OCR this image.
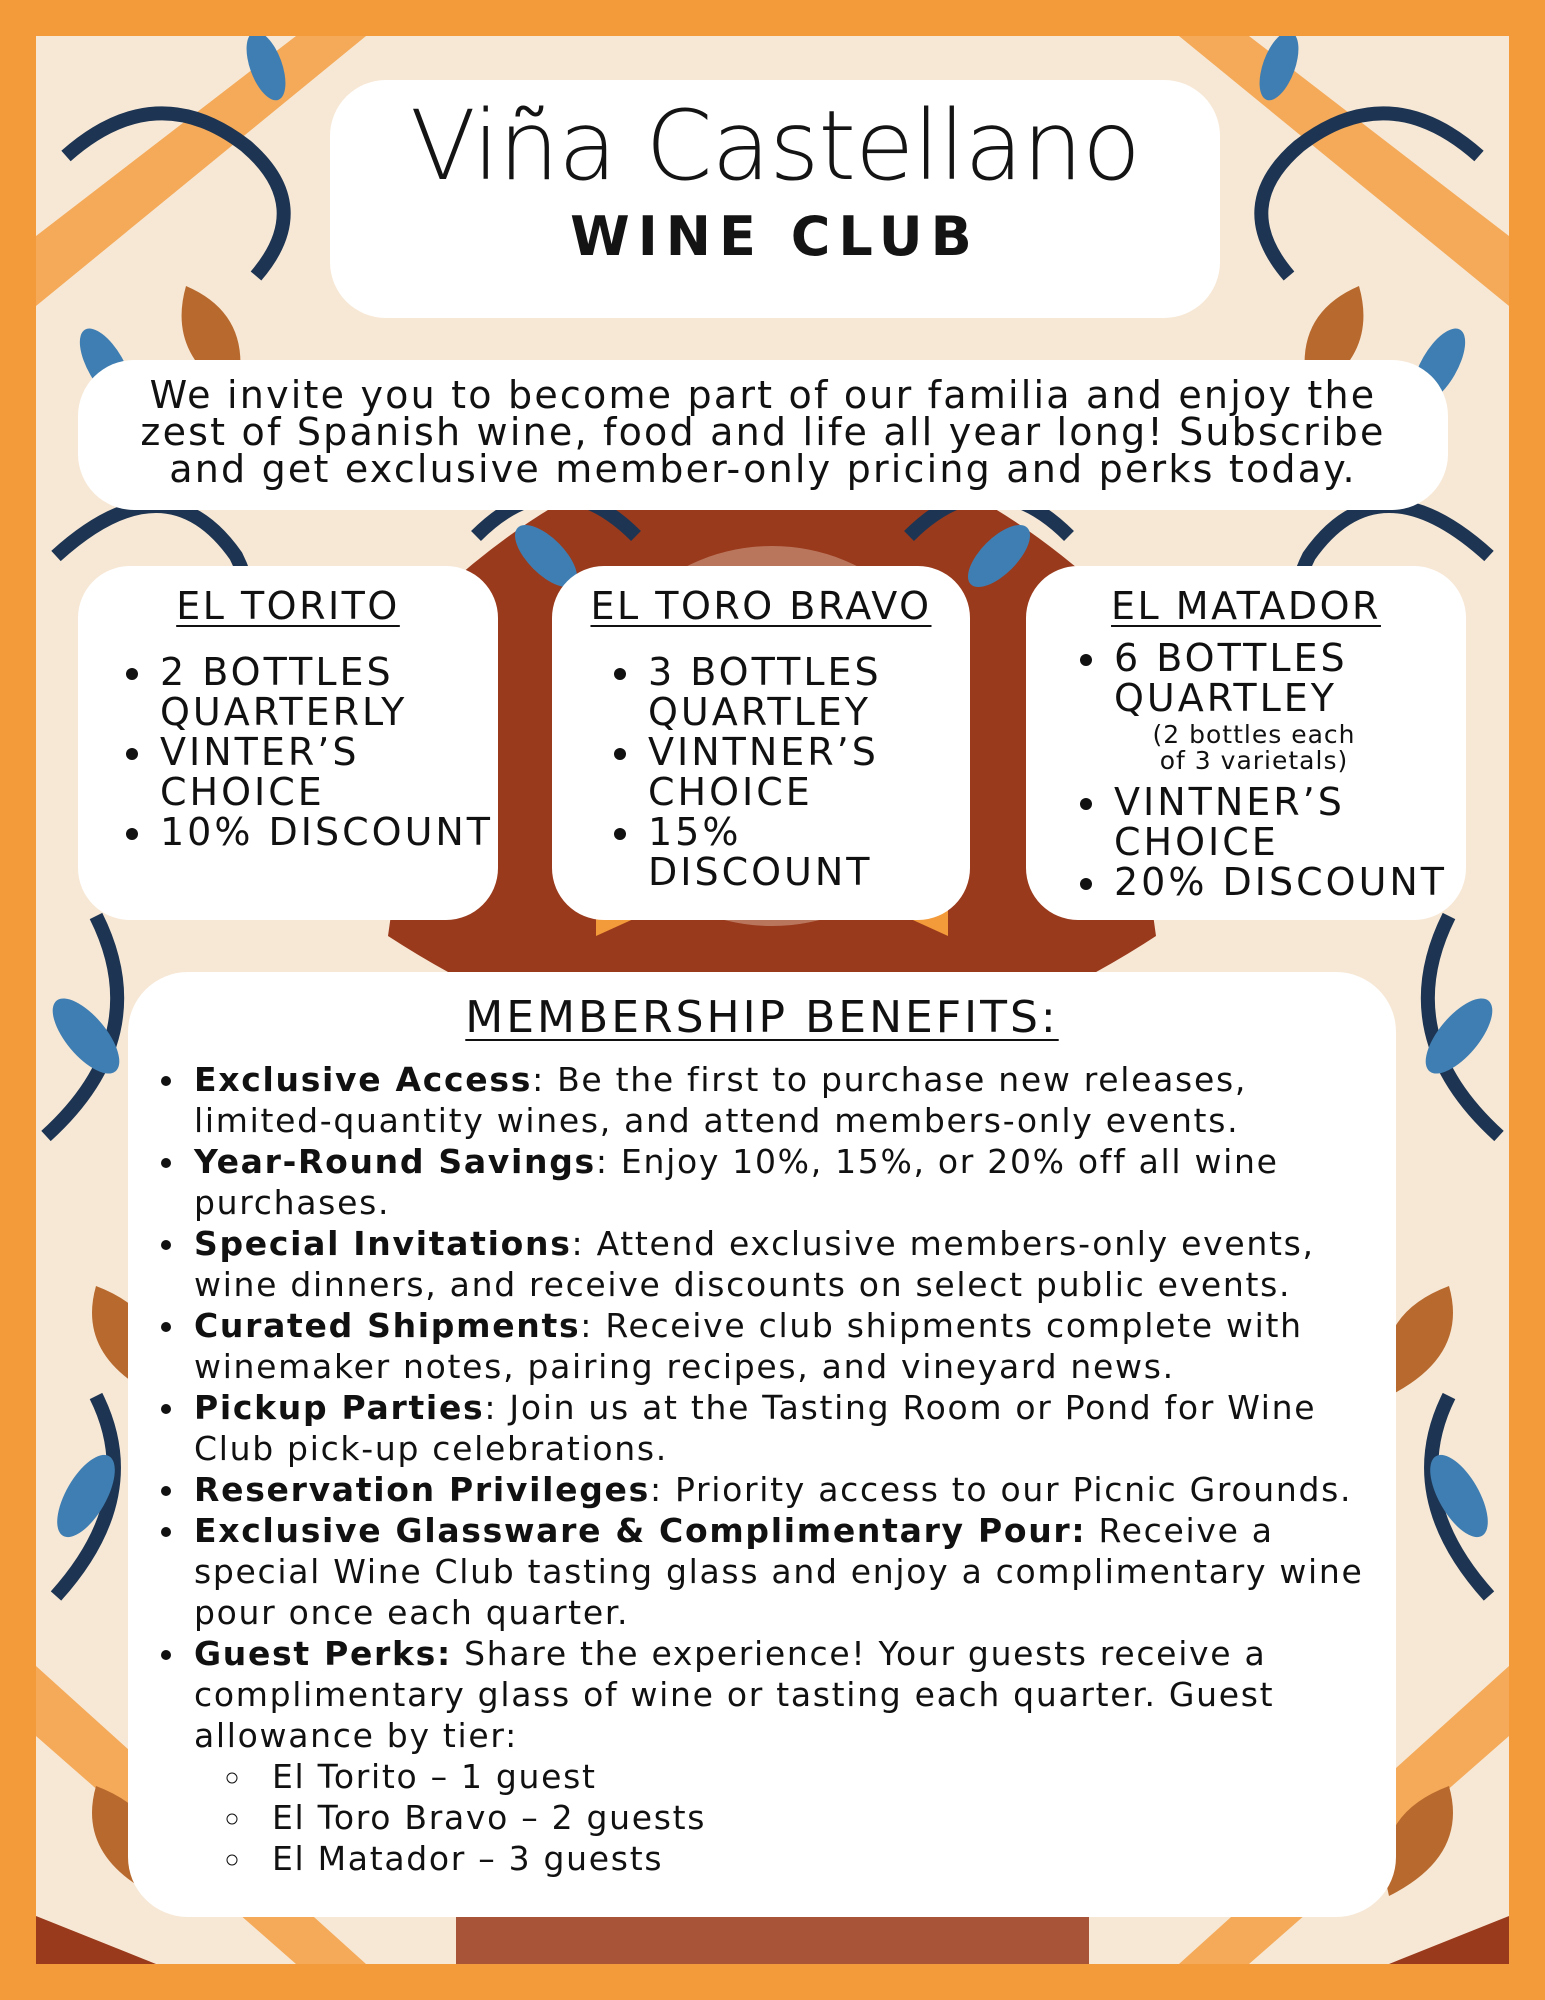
Viña Castellano
WINE CLUB
We invite you to become part of our familia and enjoy the
zest of Spanish wine, food and life all year long! Subscribe
and get exclusive member-only pricing and perks today.
EL TORITO
• 2 BOTTLES QUARTERLY
• VINTER’S CHOICE
• 10% DISCOUNT
EL TORO BRAVO
• 3 BOTTLES QUARTLEY
• VINTNER’S CHOICE
• 15% DISCOUNT
EL MATADOR
• 6 BOTTLES QUARTLEY
(2 bottles each
of 3 varietals)
• VINTNER’S CHOICE
• 20% DISCOUNT
MEMBERSHIP BENEFITS:
• Exclusive Access: Be the first to purchase new releases, limited-quantity wines, and attend members-only events.
• Year-Round Savings: Enjoy 10%, 15%, or 20% off all wine purchases.
• Special Invitations: Attend exclusive members-only events, wine dinners, and receive discounts on select public events.
• Curated Shipments: Receive club shipments complete with winemaker notes, pairing recipes, and vineyard news.
• Pickup Parties: Join us at the Tasting Room or Pond for Wine Club pick-up celebrations.
• Reservation Privileges: Priority access to our Picnic Grounds.
• Exclusive Glassware & Complimentary Pour: Receive a special Wine Club tasting glass and enjoy a complimentary wine pour once each quarter.
• Guest Perks: Share the experience! Your guests receive a complimentary glass of wine or tasting each quarter. Guest allowance by tier:
◦ El Torito – 1 guest
◦ El Toro Bravo – 2 guests
◦ El Matador – 3 guests
